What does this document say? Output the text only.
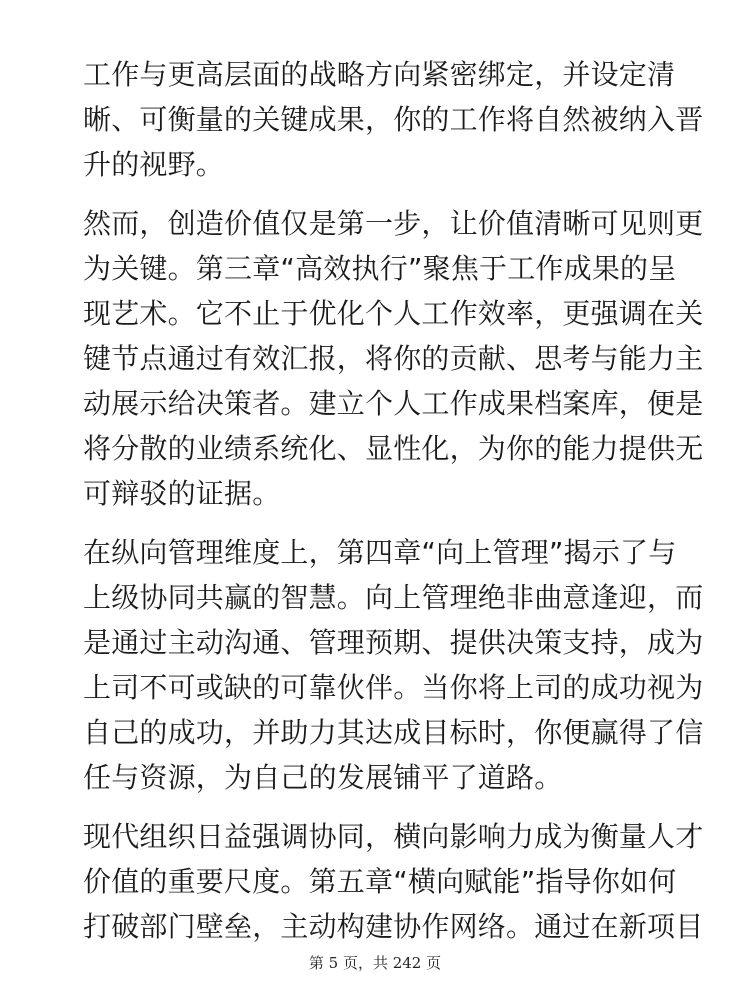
工作与更高层面的战略方向紧密绑定，并设定清
晰、可衡量的关键成果，你的工作将自然被纳入晋
升的视野。

然而，创造价值仅是第一步，让价值清晰可见则更
为关键。第三章“高效执行”聚焦于工作成果的呈
现艺术。它不止于优化个人工作效率，更强调在关
键节点通过有效汇报，将你的贡献、思考与能力主
动展示给决策者。建立个人工作成果档案库，便是
将分散的业绩系统化、显性化，为你的能力提供无
可辩驳的证据。

在纵向管理维度上，第四章“向上管理”揭示了与
上级协同共赢的智慧。向上管理绝非曲意逢迎，而
是通过主动沟通、管理预期、提供决策支持，成为
上司不可或缺的可靠伙伴。当你将上司的成功视为
自己的成功，并助力其达成目标时，你便赢得了信
任与资源，为自己的发展铺平了道路。

现代组织日益强调协同，横向影响力成为衡量人才
价值的重要尺度。第五章“横向赋能”指导你如何
打破部门壁垒，主动构建协作网络。通过在新项目

第 5 页，共 242 页
